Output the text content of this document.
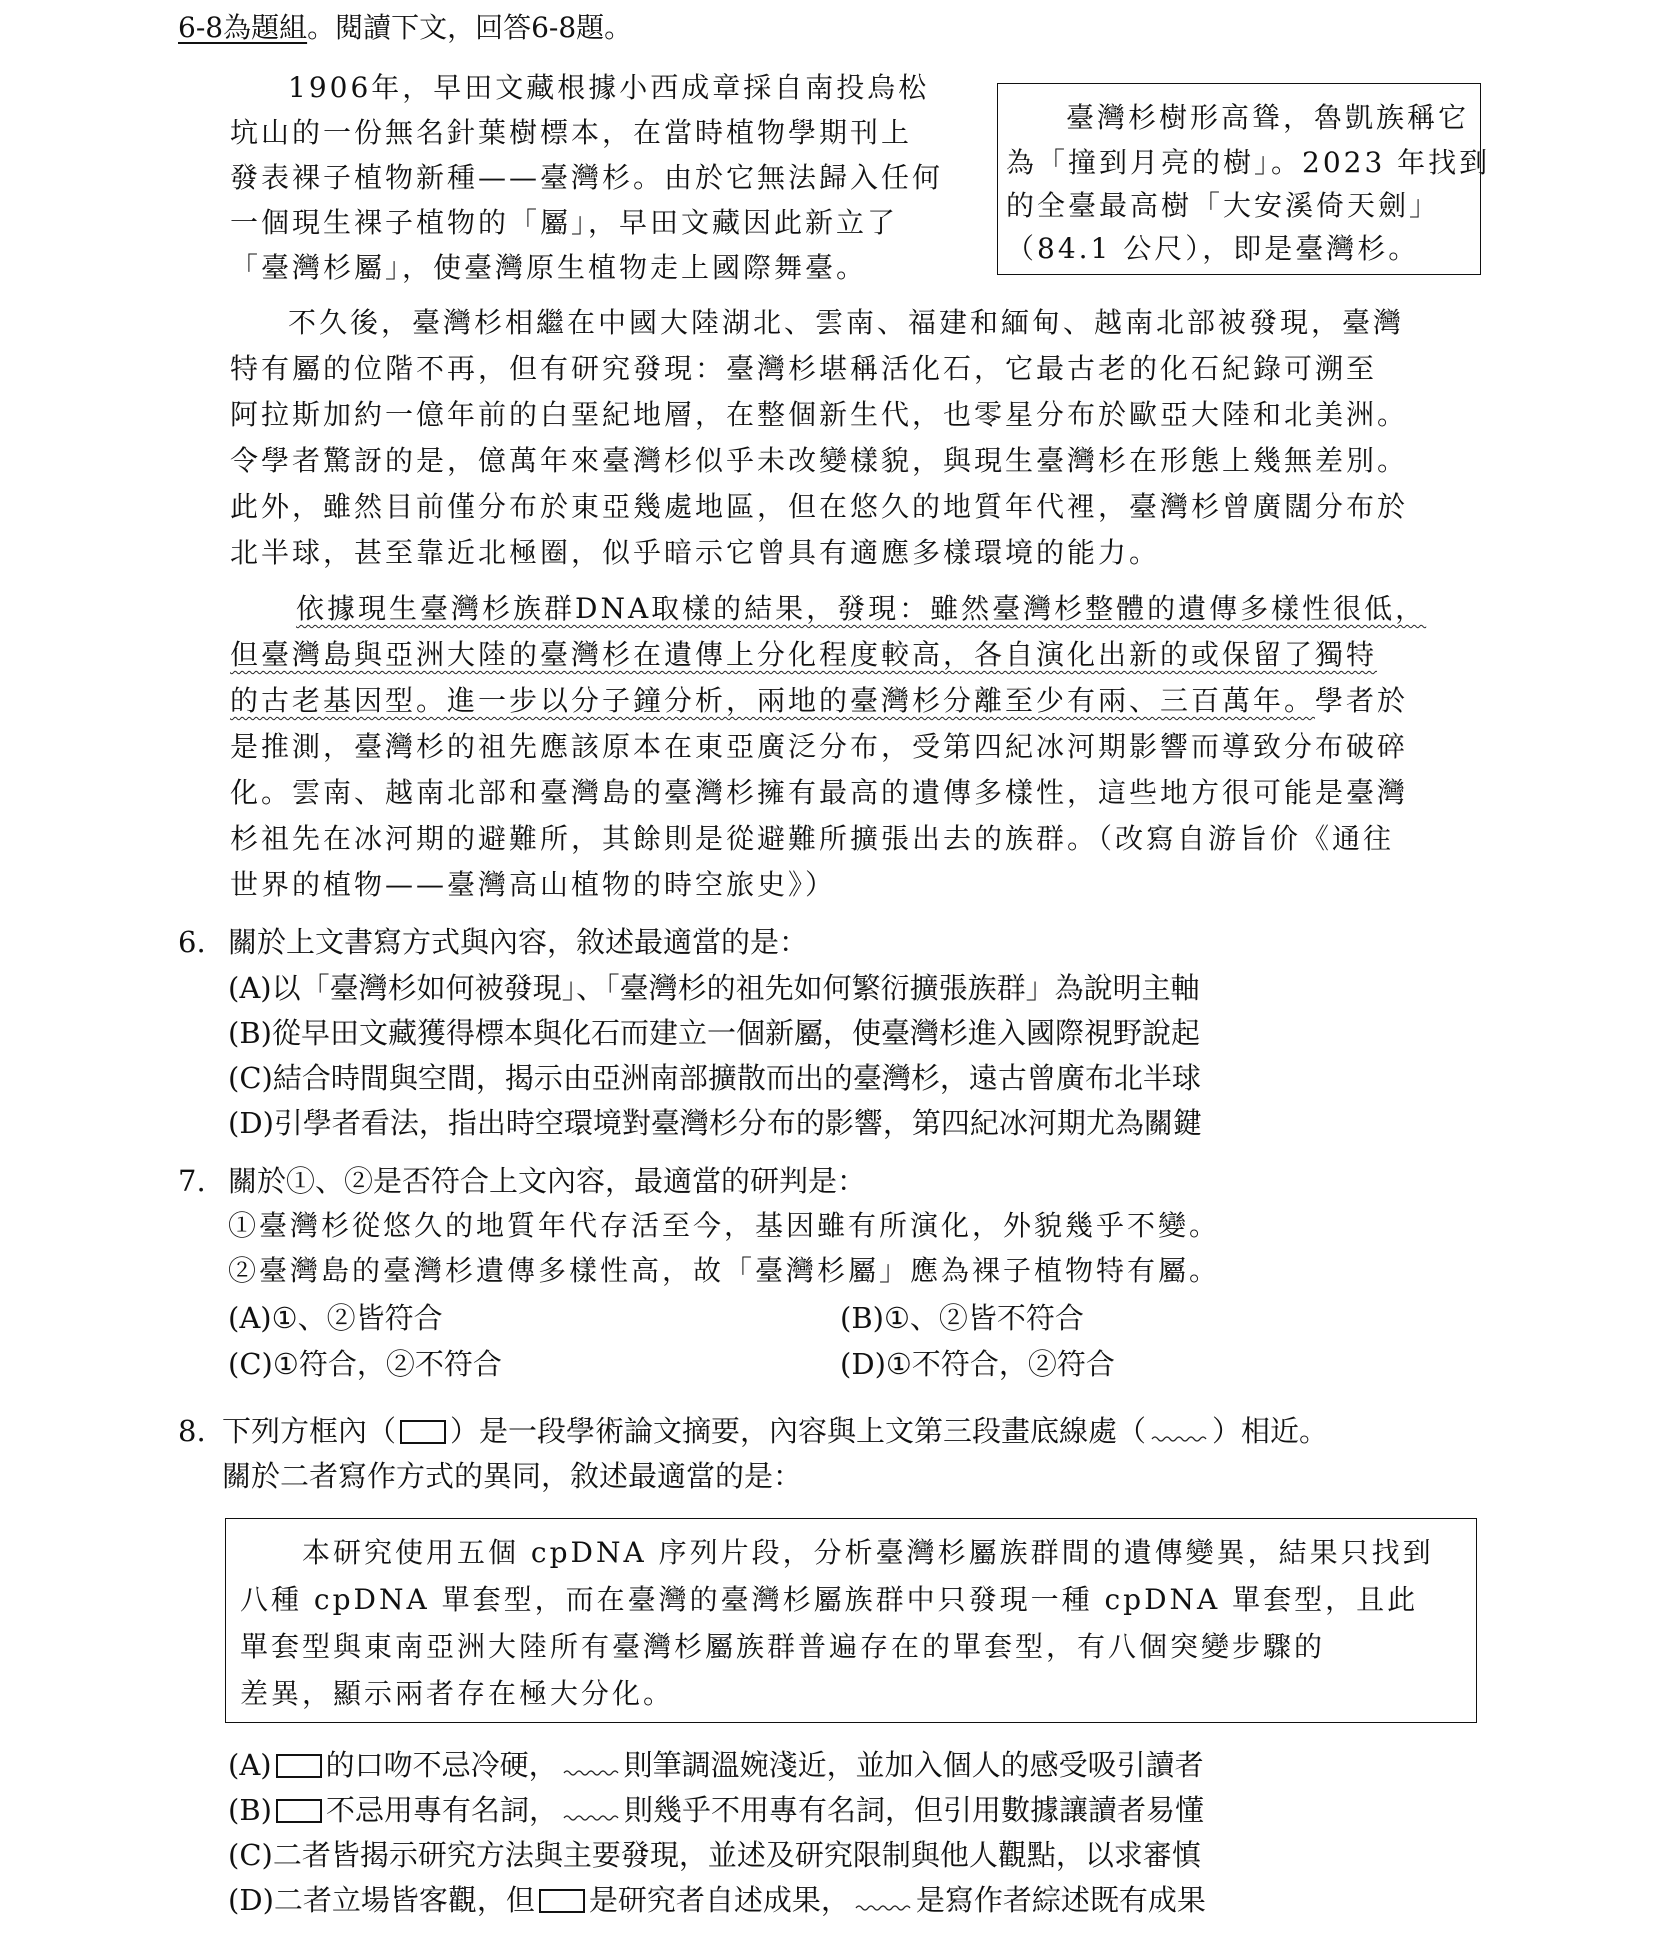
6-8為題組。閱讀下文，回答6-8題。
臺灣杉樹形高聳，魯凱族稱它
為「撞到月亮的樹」。2023 年找到
的全臺最高樹「大安溪倚天劍」
（84.1 公尺），即是臺灣杉。
1906年，早田文藏根據小西成章採自南投烏松
坑山的一份無名針葉樹標本，在當時植物學期刊上
發表裸子植物新種——臺灣杉。由於它無法歸入任何
一個現生裸子植物的「屬」，早田文藏因此新立了
「臺灣杉屬」，使臺灣原生植物走上國際舞臺。
不久後，臺灣杉相繼在中國大陸湖北、雲南、福建和緬甸、越南北部被發現，臺灣
特有屬的位階不再，但有研究發現：臺灣杉堪稱活化石，它最古老的化石紀錄可溯至
阿拉斯加約一億年前的白堊紀地層，在整個新生代，也零星分布於歐亞大陸和北美洲。
令學者驚訝的是，億萬年來臺灣杉似乎未改變樣貌，與現生臺灣杉在形態上幾無差別。
此外，雖然目前僅分布於東亞幾處地區，但在悠久的地質年代裡，臺灣杉曾廣闊分布於
北半球，甚至靠近北極圈，似乎暗示它曾具有適應多樣環境的能力。
依據現生臺灣杉族群DNA取樣的結果，發現：雖然臺灣杉整體的遺傳多樣性很低，
但臺灣島與亞洲大陸的臺灣杉在遺傳上分化程度較高，各自演化出新的或保留了獨特
的古老基因型。進一步以分子鐘分析，兩地的臺灣杉分離至少有兩、三百萬年。學者於
是推測，臺灣杉的祖先應該原本在東亞廣泛分布，受第四紀冰河期影響而導致分布破碎
化。雲南、越南北部和臺灣島的臺灣杉擁有最高的遺傳多樣性，這些地方很可能是臺灣
杉祖先在冰河期的避難所，其餘則是從避難所擴張出去的族群。（改寫自游旨价《通往
世界的植物——臺灣高山植物的時空旅史》）
6. 關於上文書寫方式與內容，敘述最適當的是：
(A)以「臺灣杉如何被發現」、「臺灣杉的祖先如何繁衍擴張族群」為說明主軸
(B)從早田文藏獲得標本與化石而建立一個新屬，使臺灣杉進入國際視野說起
(C)結合時間與空間，揭示由亞洲南部擴散而出的臺灣杉，遠古曾廣布北半球
(D)引學者看法，指出時空環境對臺灣杉分布的影響，第四紀冰河期尤為關鍵
7. 關於①、②是否符合上文內容，最適當的研判是：
①臺灣杉從悠久的地質年代存活至今，基因雖有所演化，外貌幾乎不變。
②臺灣島的臺灣杉遺傳多樣性高，故「臺灣杉屬」應為裸子植物特有屬。
(A)①、②皆符合	(B)①、②皆不符合
(C)①符合，②不符合	(D)①不符合，②符合
8. 下列方框內（ ）是一段學術論文摘要，內容與上文第三段畫底線處（ ）相近。
關於二者寫作方式的異同，敘述最適當的是：
本研究使用五個 cpDNA 序列片段，分析臺灣杉屬族群間的遺傳變異，結果只找到
八種 cpDNA 單套型，而在臺灣的臺灣杉屬族群中只發現一種 cpDNA 單套型，且此
單套型與東南亞洲大陸所有臺灣杉屬族群普遍存在的單套型，有八個突變步驟的
差異，顯示兩者存在極大分化。
(A) 的口吻不忌冷硬， 則筆調溫婉淺近，並加入個人的感受吸引讀者
(B) 不忌用專有名詞， 則幾乎不用專有名詞，但引用數據讓讀者易懂
(C)二者皆揭示研究方法與主要發現，並述及研究限制與他人觀點，以求審慎
(D)二者立場皆客觀，但 是研究者自述成果， 是寫作者綜述既有成果
